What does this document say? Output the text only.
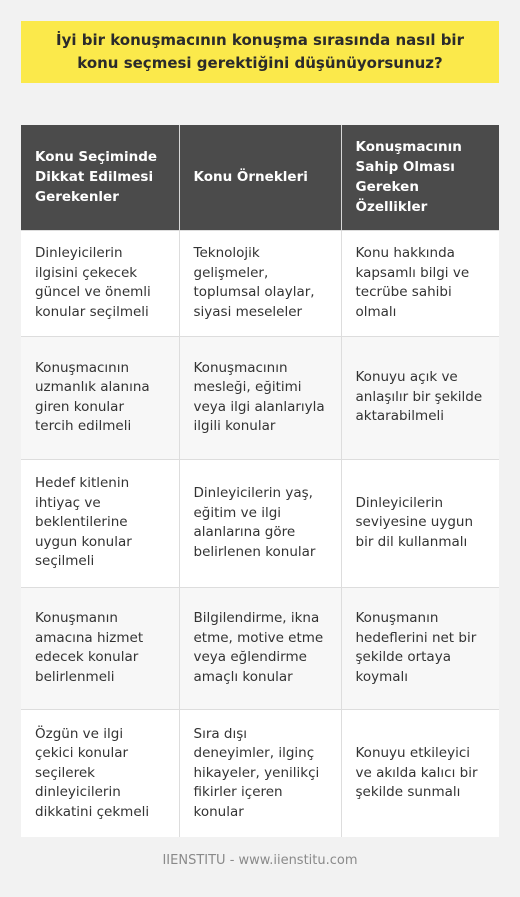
İyi bir konuşmacının konuşma sırasında nasıl bir konu seçmesi gerektiğini düşünüyorsunuz?
Konu Seçiminde Dikkat Edilmesi Gerekenler	Konu Örnekleri	Konuşmacının Sahip Olması Gereken Özellikler
Dinleyicilerin ilgisini çekecek güncel ve önemli konular seçilmeli	Teknolojik gelişmeler, toplumsal olaylar, siyasi meseleler	Konu hakkında kapsamlı bilgi ve tecrübe sahibi olmalı
Konuşmacının uzmanlık alanına giren konular tercih edilmeli	Konuşmacının mesleği, eğitimi veya ilgi alanlarıyla ilgili konular	Konuyu açık ve anlaşılır bir şekilde aktarabilmeli
Hedef kitlenin ihtiyaç ve beklentilerine uygun konular seçilmeli	Dinleyicilerin yaş, eğitim ve ilgi alanlarına göre belirlenen konular	Dinleyicilerin seviyesine uygun bir dil kullanmalı
Konuşmanın amacına hizmet edecek konular belirlenmeli	Bilgilendirme, ikna etme, motive etme veya eğlendirme amaçlı konular	Konuşmanın hedeflerini net bir şekilde ortaya koymalı
Özgün ve ilgi çekici konular seçilerek dinleyicilerin dikkatini çekmeli	Sıra dışı deneyimler, ilginç hikayeler, yenilikçi fikirler içeren konular	Konuyu etkileyici ve akılda kalıcı bir şekilde sunmalı
IIENSTITU - www.iienstitu.com
